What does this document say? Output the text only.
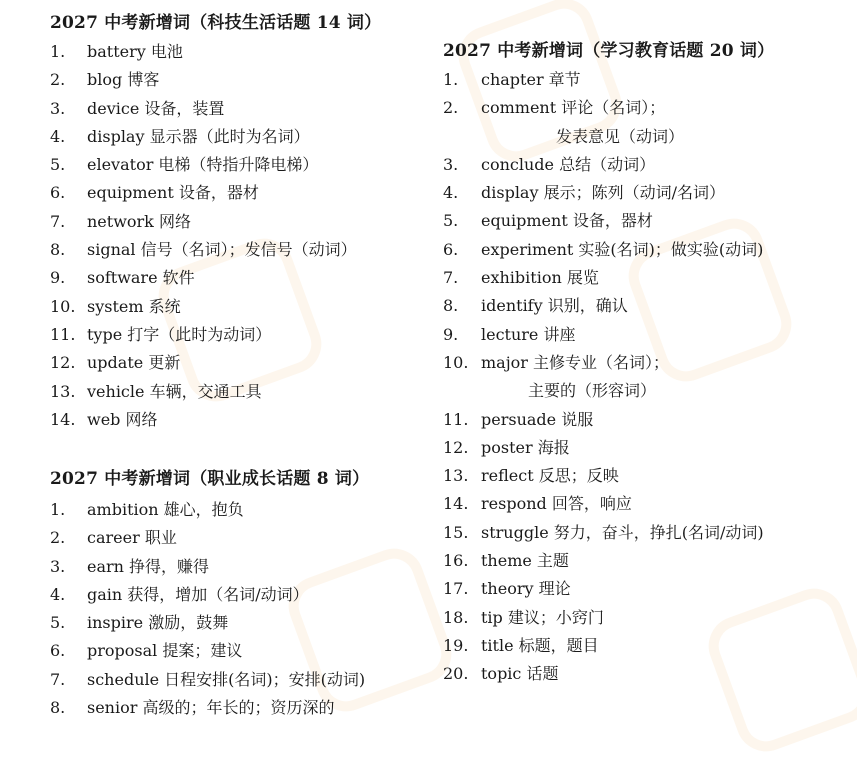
2027 中考新增词（科技生活话题 14 词）
1. battery 电池
2. blog 博客
3. device 设备，装置
4. display 显示器（此时为名词）
5. elevator 电梯（特指升降电梯）
6. equipment 设备，器材
7. network 网络
8. signal 信号（名词）；发信号（动词）
9. software 软件
10. system 系统
11. type 打字（此时为动词）
12. update 更新
13. vehicle 车辆，交通工具
14. web 网络
2027 中考新增词（职业成长话题 8 词）
1. ambition 雄心，抱负
2. career 职业
3. earn 挣得，赚得
4. gain 获得，增加（名词/动词）
5. inspire 激励，鼓舞
6. proposal 提案；建议
7. schedule 日程安排(名词)；安排(动词)
8. senior 高级的；年长的；资历深的
2027 中考新增词（学习教育话题 20 词）
1. chapter 章节
2. comment 评论（名词）；
发表意见（动词）
3. conclude 总结（动词）
4. display 展示；陈列（动词/名词）
5. equipment 设备，器材
6. experiment 实验(名词)；做实验(动词)
7. exhibition 展览
8. identify 识别，确认
9. lecture 讲座
10. major 主修专业（名词）；
主要的（形容词）
11. persuade 说服
12. poster 海报
13. reflect 反思；反映
14. respond 回答，响应
15. struggle 努力，奋斗，挣扎(名词/动词)
16. theme 主题
17. theory 理论
18. tip 建议；小窍门
19. title 标题，题目
20. topic 话题
